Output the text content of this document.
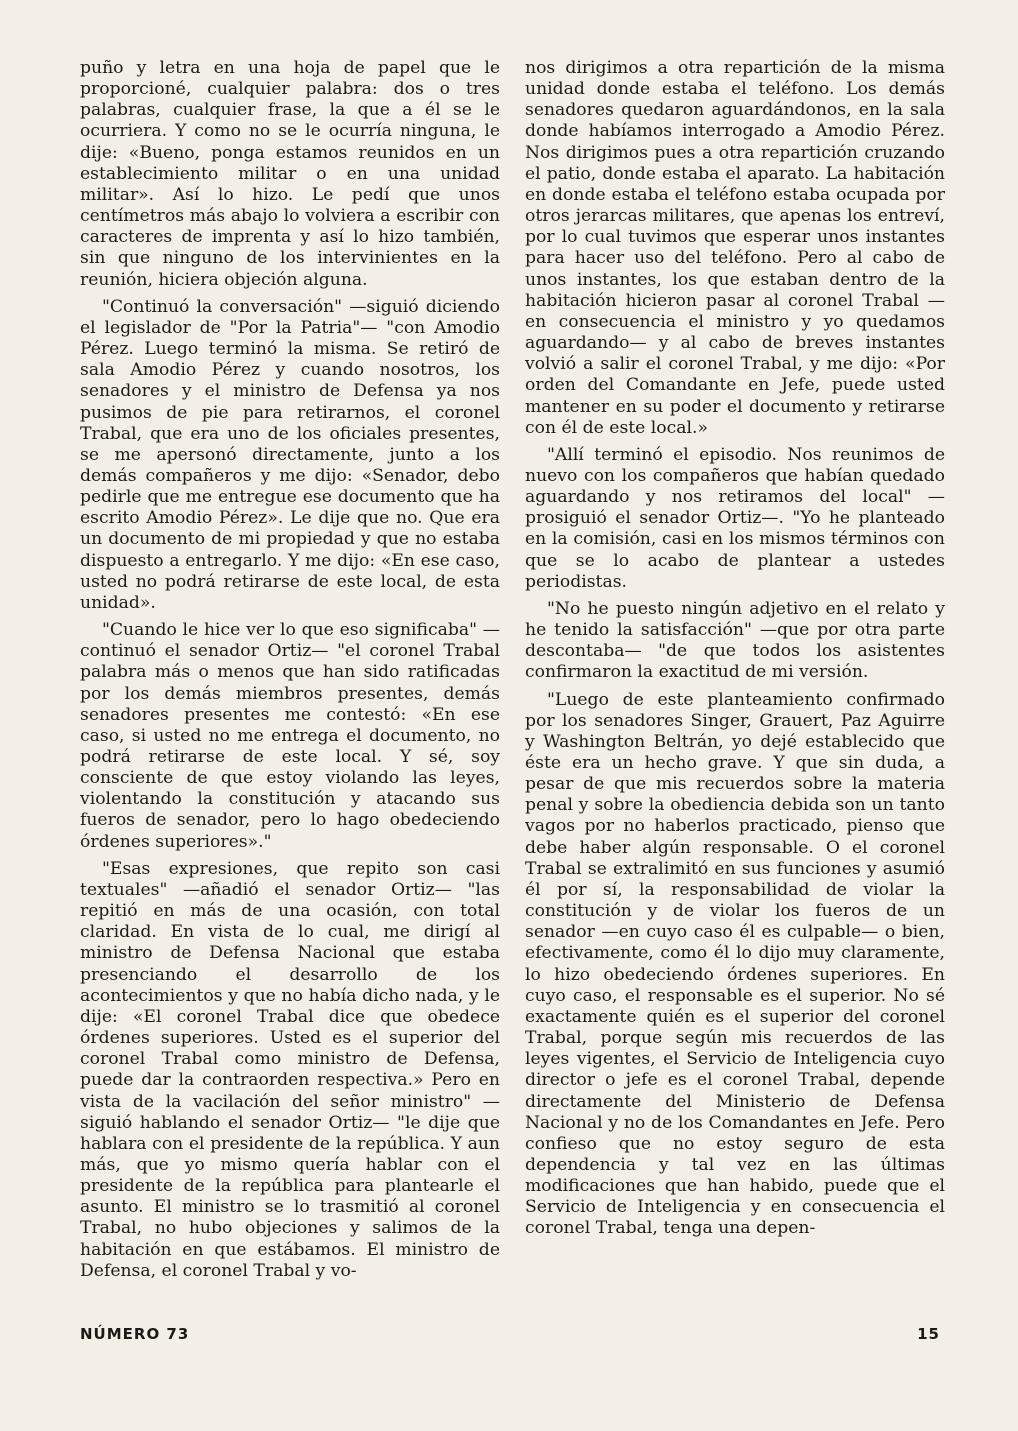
puño y letra en una hoja de papel que le proporcioné, cualquier palabra: dos o tres palabras, cualquier frase, la que a él se le ocurriera. Y como no se le ocurría ninguna, le dije: «Bueno, ponga estamos reunidos en un establecimiento militar o en una unidad militar». Así lo hizo. Le pedí que unos centímetros más abajo lo volviera a escribir con caracteres de imprenta y así lo hizo también, sin que ninguno de los intervinientes en la reunión, hiciera objeción alguna.

"Continuó la conversación" —siguió diciendo el legislador de "Por la Patria"— "con Amodio Pérez. Luego terminó la misma. Se retiró de sala Amodio Pérez y cuando nosotros, los senadores y el ministro de Defensa ya nos pusimos de pie para retirarnos, el coronel Trabal, que era uno de los oficiales presentes, se me apersonó directamente, junto a los demás compañeros y me dijo: «Senador, debo pedirle que me entregue ese documento que ha escrito Amodio Pérez». Le dije que no. Que era un documento de mi propiedad y que no estaba dispuesto a entregarlo. Y me dijo: «En ese caso, usted no podrá retirarse de este local, de esta unidad».

"Cuando le hice ver lo que eso significaba" —continuó el senador Ortiz— "el coronel Trabal palabra más o menos que han sido ratificadas por los demás miembros presentes, demás senadores presentes me contestó: «En ese caso, si usted no me entrega el documento, no podrá retirarse de este local. Y sé, soy consciente de que estoy violando las leyes, violentando la constitución y atacando sus fueros de senador, pero lo hago obedeciendo órdenes superiores»."

"Esas expresiones, que repito son casi textuales" —añadió el senador Ortiz— "las repitió en más de una ocasión, con total claridad. En vista de lo cual, me dirigí al ministro de Defensa Nacional que estaba presenciando el desarrollo de los acontecimientos y que no había dicho nada, y le dije: «El coronel Trabal dice que obedece órdenes superiores. Usted es el superior del coronel Trabal como ministro de Defensa, puede dar la contraorden respectiva.» Pero en vista de la vacilación del señor ministro" —siguió hablando el senador Ortiz— "le dije que hablara con el presidente de la república. Y aun más, que yo mismo quería hablar con el presidente de la república para plantearle el asunto. El ministro se lo trasmitió al coronel Trabal, no hubo objeciones y salimos de la habitación en que estábamos. El ministro de Defensa, el coronel Trabal y vo-

nos dirigimos a otra repartición de la misma unidad donde estaba el teléfono. Los demás senadores quedaron aguardándonos, en la sala donde habíamos interrogado a Amodio Pérez. Nos dirigimos pues a otra repartición cruzando el patio, donde estaba el aparato. La habitación en donde estaba el teléfono estaba ocupada por otros jerarcas militares, que apenas los entreví, por lo cual tuvimos que esperar unos instantes para hacer uso del teléfono. Pero al cabo de unos instantes, los que estaban dentro de la habitación hicieron pasar al coronel Trabal —en consecuencia el ministro y yo quedamos aguardando— y al cabo de breves instantes volvió a salir el coronel Trabal, y me dijo: «Por orden del Comandante en Jefe, puede usted mantener en su poder el documento y retirarse con él de este local.»

"Allí terminó el episodio. Nos reunimos de nuevo con los compañeros que habían quedado aguardando y nos retiramos del local" —prosiguió el senador Ortiz—. "Yo he planteado en la comisión, casi en los mismos términos con que se lo acabo de plantear a ustedes periodistas.

"No he puesto ningún adjetivo en el relato y he tenido la satisfacción" —que por otra parte descontaba— "de que todos los asistentes confirmaron la exactitud de mi versión.

"Luego de este planteamiento confirmado por los senadores Singer, Grauert, Paz Aguirre y Washington Beltrán, yo dejé establecido que éste era un hecho grave. Y que sin duda, a pesar de que mis recuerdos sobre la materia penal y sobre la obediencia debida son un tanto vagos por no haberlos practicado, pienso que debe haber algún responsable. O el coronel Trabal se extralimitó en sus funciones y asumió él por sí, la responsabilidad de violar la constitución y de violar los fueros de un senador —en cuyo caso él es culpable— o bien, efectivamente, como él lo dijo muy claramente, lo hizo obedeciendo órdenes superiores. En cuyo caso, el responsable es el superior. No sé exactamente quién es el superior del coronel Trabal, porque según mis recuerdos de las leyes vigentes, el Servicio de Inteligencia cuyo director o jefe es el coronel Trabal, depende directamente del Ministerio de Defensa Nacional y no de los Comandantes en Jefe. Pero confieso que no estoy seguro de esta dependencia y tal vez en las últimas modificaciones que han habido, puede que el Servicio de Inteligencia y en consecuencia el coronel Trabal, tenga una depen-

NÚMERO 73	15
